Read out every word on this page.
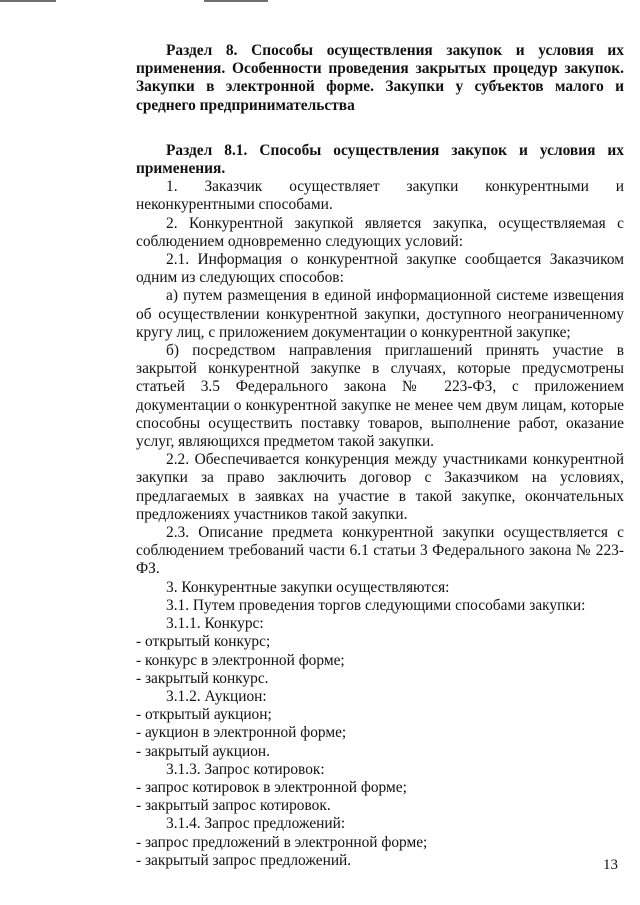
Раздел 8. Способы осуществления закупок и условия их применения. Особенности проведения закрытых процедур закупок. Закупки в электронной форме. Закупки у субъектов малого и среднего предпринимательства

Раздел 8.1. Способы осуществления закупок и условия их применения.

1. Заказчик осуществляет закупки конкурентными и неконкурентными способами.

2. Конкурентной закупкой является закупка, осуществляемая с соблюдением одновременно следующих условий:

2.1. Информация о конкурентной закупке сообщается Заказчиком одним из следующих способов:

а) путем размещения в единой информационной системе извещения об осуществлении конкурентной закупки, доступного неограниченному кругу лиц, с приложением документации о конкурентной закупке;

б) посредством направления приглашений принять участие в закрытой конкурентной закупке в случаях, которые предусмотрены статьей 3.5 Федерального закона № 223-ФЗ, с приложением документации о конкурентной закупке не менее чем двум лицам, которые способны осуществить поставку товаров, выполнение работ, оказание услуг, являющихся предметом такой закупки.

2.2. Обеспечивается конкуренция между участниками конкурентной закупки за право заключить договор с Заказчиком на условиях, предлагаемых в заявках на участие в такой закупке, окончательных предложениях участников такой закупки.

2.3. Описание предмета конкурентной закупки осуществляется с соблюдением требований части 6.1 статьи 3 Федерального закона № 223-ФЗ.

3. Конкурентные закупки осуществляются:

3.1. Путем проведения торгов следующими способами закупки:

3.1.1. Конкурс:

- открытый конкурс;

- конкурс в электронной форме;

- закрытый конкурс.

3.1.2. Аукцион:

- открытый аукцион;

- аукцион в электронной форме;

- закрытый аукцион.

3.1.3. Запрос котировок:

- запрос котировок в электронной форме;

- закрытый запрос котировок.

3.1.4. Запрос предложений:

- запрос предложений в электронной форме;

- закрытый запрос предложений.	13
